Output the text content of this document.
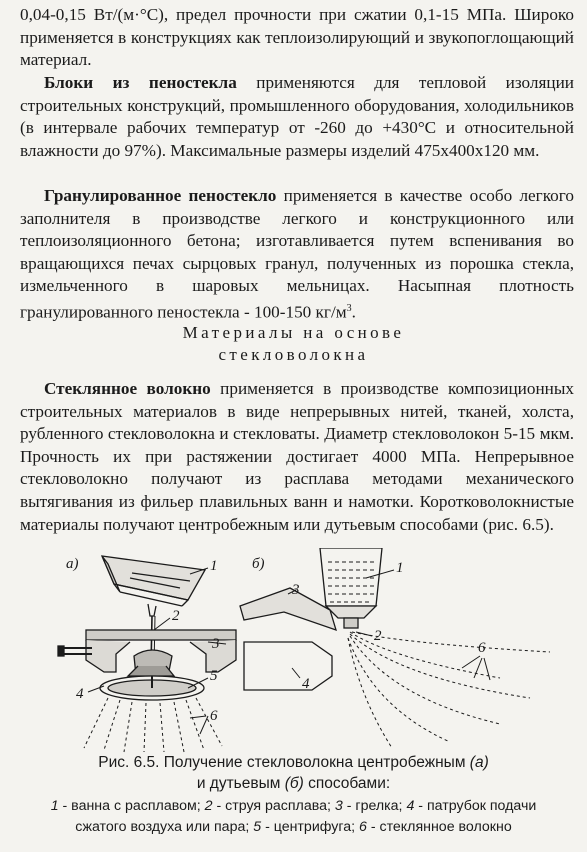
0,04-0,15 Вт/(м·°С), предел прочности при сжатии 0,1-15 МПа. Широко применяется в конструкциях как теплоизолирующий и звукопоглощающий материал.

Блоки из пеностекла применяются для тепловой изоляции строительных конструкций, промышленного оборудования, холодильников (в интервале рабочих температур от -260 до +430°С и относительной влажности до 97%). Максимальные размеры изделий 475х400х120 мм.

Гранулированное пеностекло применяется в качестве особо легкого заполнителя в производстве легкого и конструкционного или теплоизоляционного бетона; изготавливается путем вспенивания во вращающихся печах сырцовых гранул, полученных из порошка стекла, измельченного в шаровых мельницах. Насыпная плотность гранулированного пеностекла - 100-150 $кг/м^3$.

Материалы на основе

стекловолокна

Стеклянное волокно применяется в производстве композиционных строительных материалов в виде непрерывных нитей, тканей, холста, рубленного стекловолокна и стекловаты. Диаметр стекловолокон 5-15 мкм. Прочность их при растяжении достигает 4000 МПа. Непрерывное стекловолокно получают из расплава методами механического вытягивания из фильер плавильных ванн и намотки. Коротковолокнистые материалы получают центробежным или дутьевым способами (рис. 6.5).

а)	1
2
3
4
5
6
б)	1
2
3
4
6

Рис. 6.5. Получение стекловолокна центробежным (а)

и дутьевым (б) способами:

1 - ванна с расплавом; 2 - струя расплава; 3 - грелка; 4 - патрубок подачи

сжатого воздуха или пара; 5 - центрифуга; 6 - стеклянное волокно
